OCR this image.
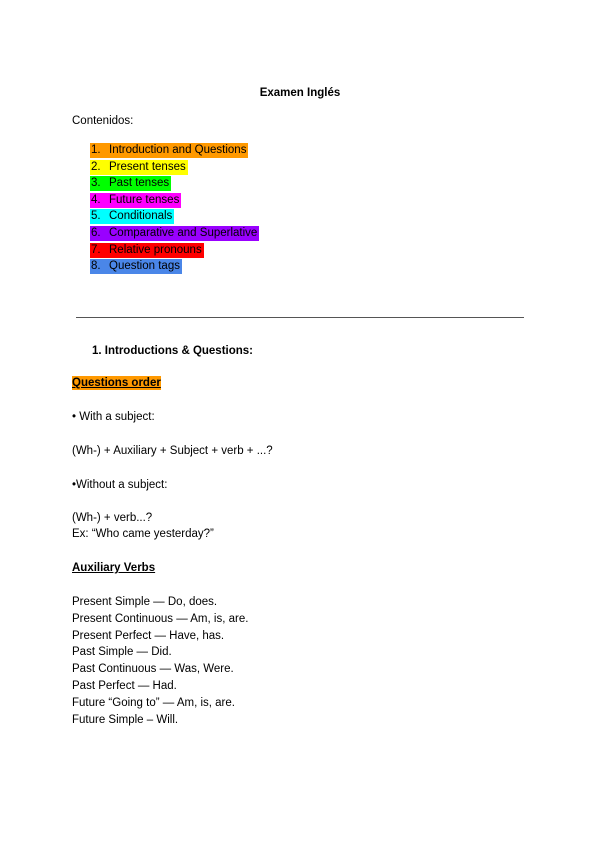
Examen Inglés
Contenidos:
1. Introduction and Questions
2. Present tenses
3. Past tenses
4. Future tenses
5. Conditionals
6. Comparative and Superlative
7. Relative pronouns
8. Question tags
1. Introductions & Questions:
Questions order
• With a subject:
(Wh-) + Auxiliary + Subject + verb + ...?
•Without a subject:
(Wh-) + verb...?
Ex: “Who came yesterday?”
Auxiliary Verbs
Present Simple — Do, does.
Present Continuous — Am, is, are.
Present Perfect — Have, has.
Past Simple — Did.
Past Continuous — Was, Were.
Past Perfect — Had.
Future “Going to” — Am, is, are.
Future Simple – Will.
